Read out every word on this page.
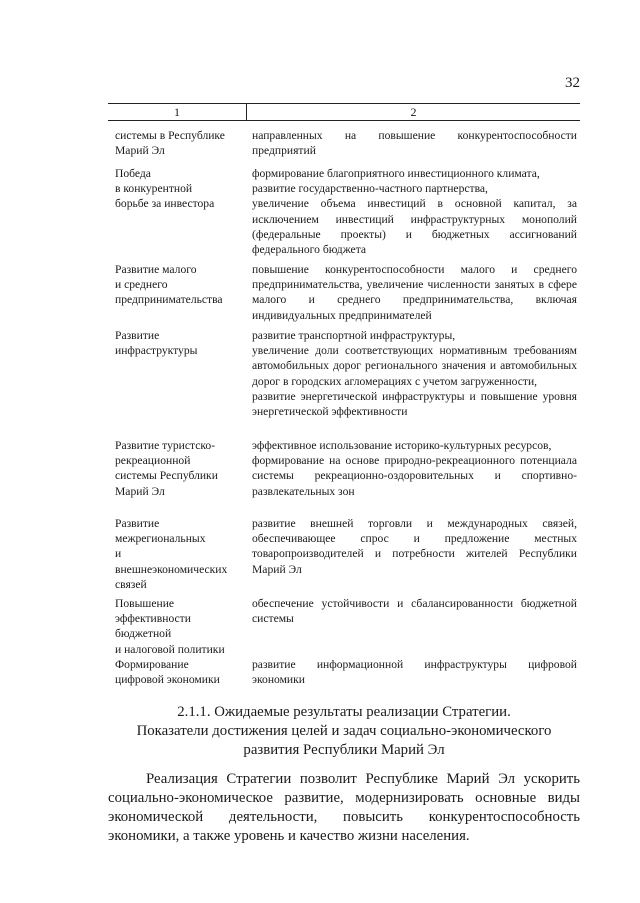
32
1	2
системы в Республике
Марий Эл
направленных на повышение конкурентоспособности предприятий
Победа
в конкурентной
борьбе за инвестора
формирование благоприятного инвестиционного климата,
развитие государственно-частного партнерства,
увеличение объема инвестиций в основной капитал, за исключением инвестиций инфраструктурных монополий (федеральные проекты) и бюджетных ассигнований федерального бюджета
Развитие малого
и среднего
предпринимательства
повышение конкурентоспособности малого и среднего предпринимательства, увеличение численности занятых в сфере малого и среднего предпринимательства, включая индивидуальных предпринимателей
Развитие
инфраструктуры
развитие транспортной инфраструктуры,
увеличение доли соответствующих нормативным требованиям автомобильных дорог регионального значения и автомобильных дорог в городских агломерациях с учетом загруженности,
развитие энергетической инфраструктуры и повышение уровня энергетической эффективности
Развитие туристско-
рекреационной
системы Республики
Марий Эл
эффективное использование историко-культурных ресурсов,
формирование на основе природно-рекреационного потенциала системы рекреационно-оздоровительных и спортивно-развлекательных зон
Развитие
межрегиональных
и
внешнеэкономических
связей
развитие внешней торговли и международных связей, обеспечивающее спрос и предложение местных товаропроизводителей и потребности жителей Республики Марий Эл
Повышение
эффективности
бюджетной
и налоговой политики
обеспечение устойчивости и сбалансированности бюджетной системы
Формирование
цифровой экономики
развитие информационной инфраструктуры цифровой экономики
2.1.1. Ожидаемые результаты реализации Стратегии.
Показатели достижения целей и задач социально-экономического
развития Республики Марий Эл
Реализация Стратегии позволит Республике Марий Эл ускорить социально-экономическое развитие, модернизировать основные виды экономической деятельности, повысить конкурентоспособность экономики, а также уровень и качество жизни населения.
